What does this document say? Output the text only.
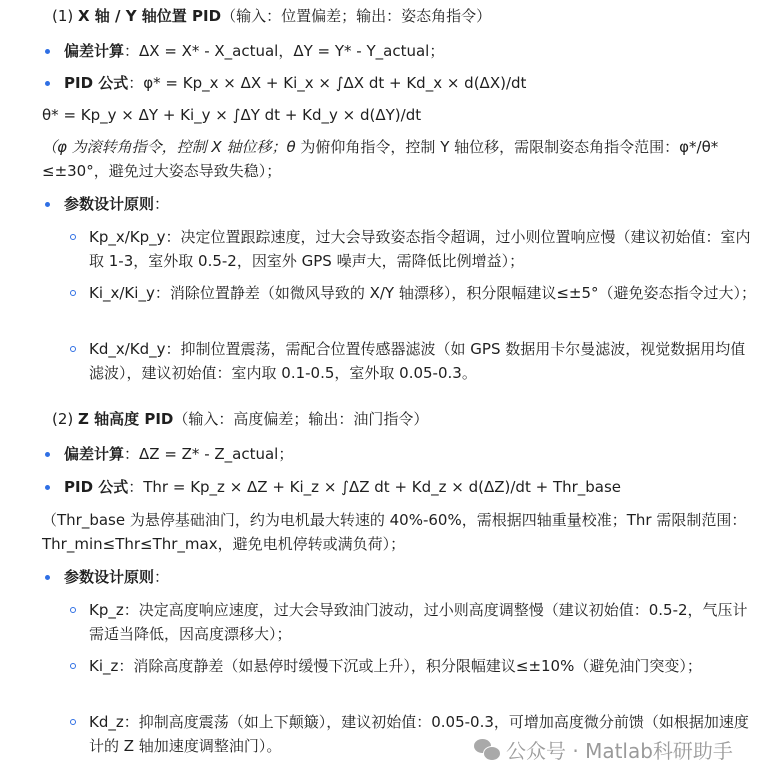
(1) X 轴 / Y 轴位置 PID（输入：位置偏差；输出：姿态角指令）
偏差计算：ΔX = X* - X_actual，ΔY = Y* - Y_actual；
PID 公式：φ* = Kp_x × ΔX + Ki_x × ∫ΔX dt + Kd_x × d(ΔX)/dt
θ* = Kp_y × ΔY + Ki_y × ∫ΔY dt + Kd_y × d(ΔY)/dt
（φ 为滚转角指令，控制 X 轴位移；θ 为俯仰角指令，控制 Y 轴位移，需限制姿态角指令范围：φ*/θ* ≤±30°，避免过大姿态导致失稳）；
参数设计原则：
Kp_x/Kp_y：决定位置跟踪速度，过大会导致姿态指令超调，过小则位置响应慢（建议初始值：室内取 1-3，室外取 0.5-2，因室外 GPS 噪声大，需降低比例增益）；
Ki_x/Ki_y：消除位置静差（如微风导致的 X/Y 轴漂移），积分限幅建议≤±5°（避免姿态指令过大）；
Kd_x/Kd_y：抑制位置震荡，需配合位置传感器滤波（如 GPS 数据用卡尔曼滤波，视觉数据用均值滤波），建议初始值：室内取 0.1-0.5，室外取 0.05-0.3。
(2) Z 轴高度 PID（输入：高度偏差；输出：油门指令）
偏差计算：ΔZ = Z* - Z_actual；
PID 公式：Thr = Kp_z × ΔZ + Ki_z × ∫ΔZ dt + Kd_z × d(ΔZ)/dt + Thr_base
（Thr_base 为悬停基础油门，约为电机最大转速的 40%-60%，需根据四轴重量校准；Thr 需限制范围：Thr_min≤Thr≤Thr_max，避免电机停转或满负荷）；
参数设计原则：
Kp_z：决定高度响应速度，过大会导致油门波动，过小则高度调整慢（建议初始值：0.5-2，气压计需适当降低，因高度漂移大）；
Ki_z：消除高度静差（如悬停时缓慢下沉或上升），积分限幅建议≤±10%（避免油门突变）；
Kd_z：抑制高度震荡（如上下颠簸），建议初始值：0.05-0.3，可增加高度微分前馈（如根据加速度计的 Z 轴加速度调整油门）。	公众号 · Matlab科研助手
